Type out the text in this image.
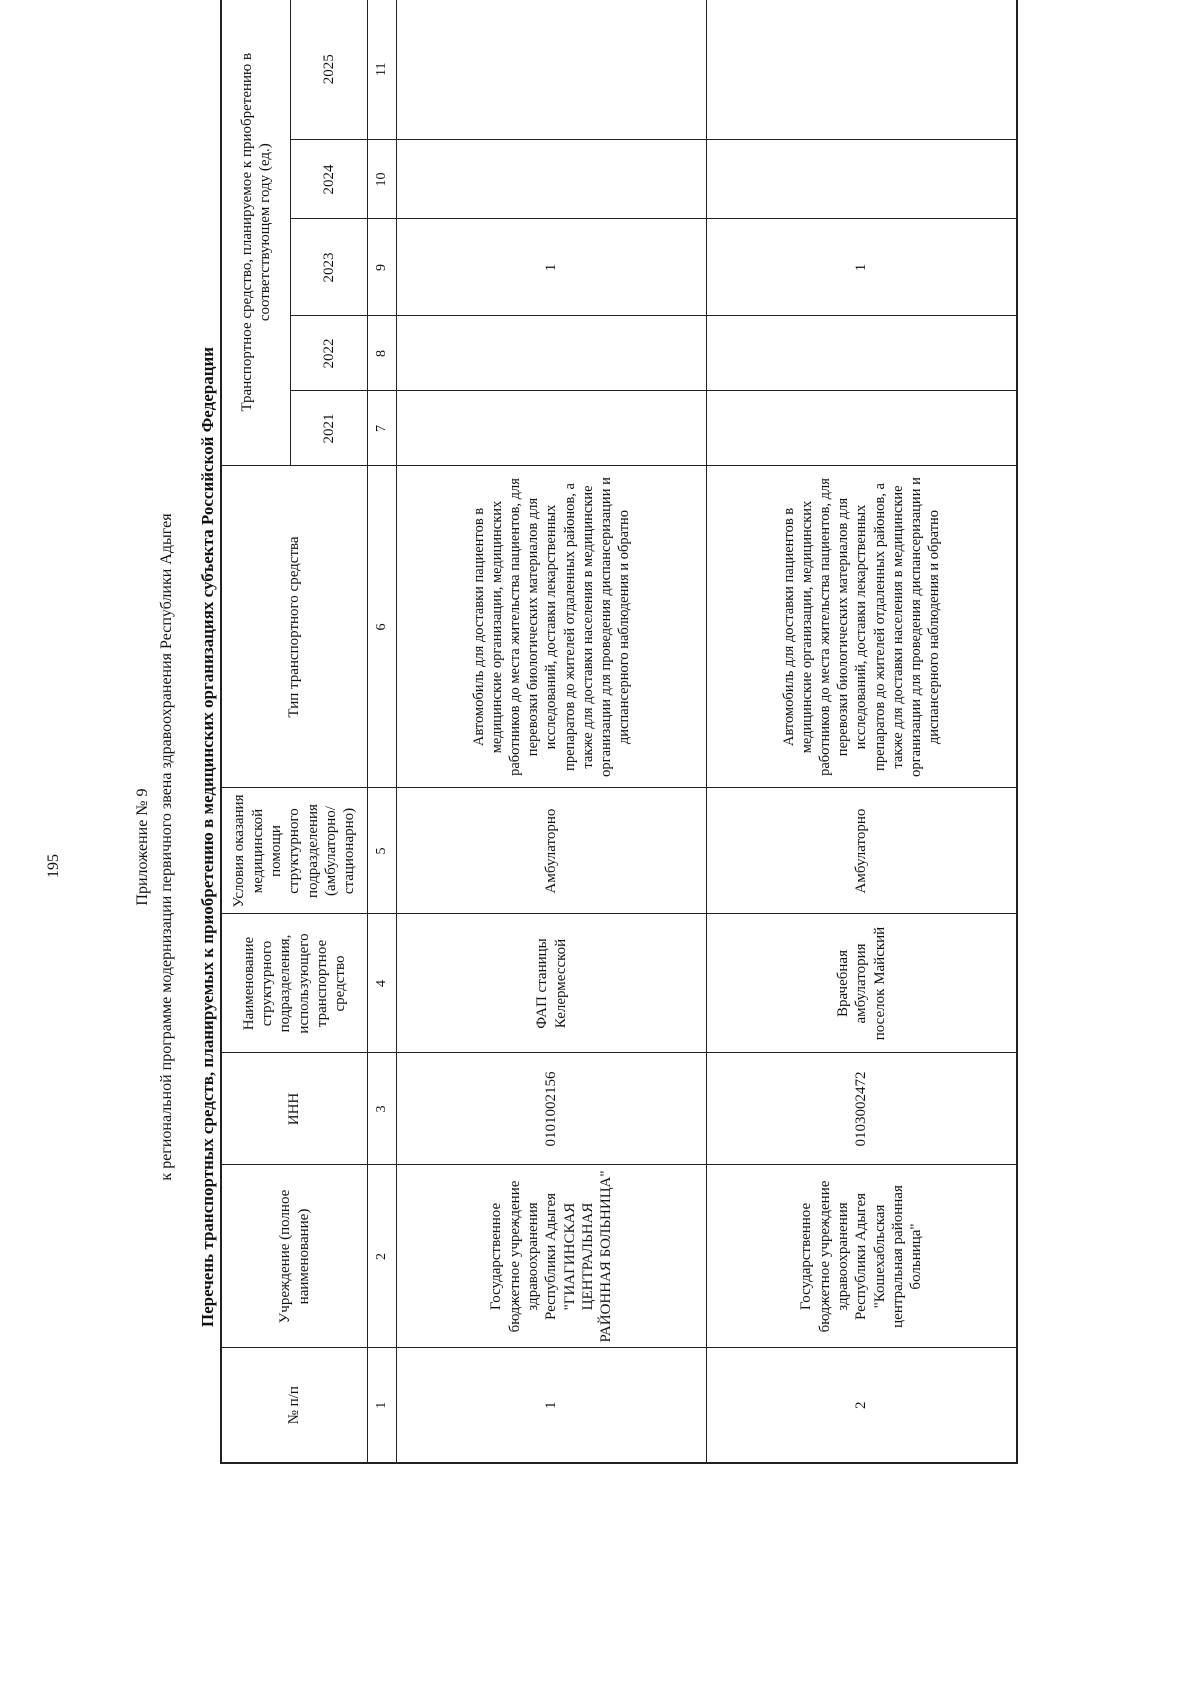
195	Приложение № 9 к региональной программе модернизации первичного звена здравоохранения Республики Адыгея Перечень транспортных средств, планируемых к приобретению в медицинских организациях субъекта Российской Федерации
№ п/п	Учреждение (полное наименование)	ИНН	Наименование структурного подразделения, использующего транспортное средство	Условия оказания медицинской помощи структурного подразделения (амбулаторно/ стационарно)	Тип транспортного средства	Транспортное средство, планируемое к приобретению в соответствующем году (ед.)				
						2021	2022	2023	2024	2025
1	2	3	4	5	6	7	8	9	10	11
1	Государственное бюджетное учреждение здравоохранения Республики Адыгея "ГИАГИНСКАЯ ЦЕНТРАЛЬНАЯ РАЙОННАЯ БОЛЬНИЦА"	0101002156	ФАП станицы Келермесской	Амбулаторно	Автомобиль для доставки пациентов в медицинские организации, медицинских работников до места жительства пациентов, для перевозки биологических материалов для исследований, доставки лекарственных препаратов до жителей отдаленных районов, а также для доставки населения в медицинские организации для проведения диспансеризации и диспансерного наблюдения и обратно			1		
2	Государственное бюджетное учреждение здравоохранения Республики Адыгея "Кошехабльская центральная районная больница"	0103002472	Врачебная амбулатория поселок Майский	Амбулаторно	Автомобиль для доставки пациентов в медицинские организации, медицинских работников до места жительства пациентов, для перевозки биологических материалов для исследований, доставки лекарственных препаратов до жителей отдаленных районов, а также для доставки населения в медицинские организации для проведения диспансеризации и диспансерного наблюдения и обратно			1		
